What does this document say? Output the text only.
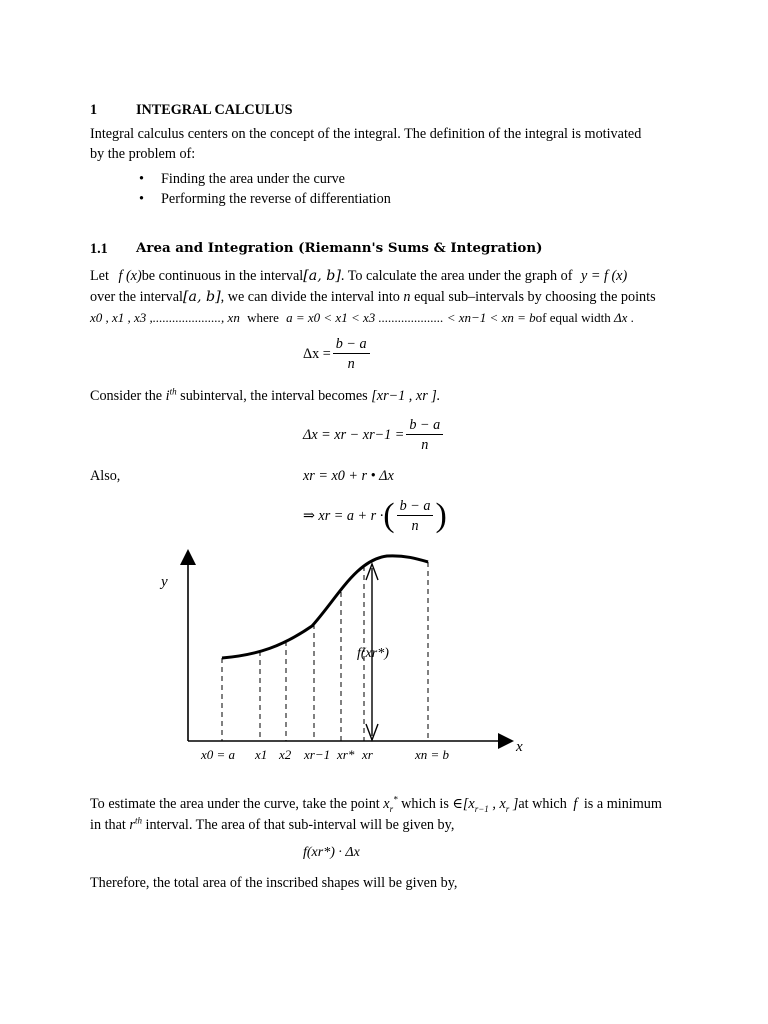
1	INTEGRAL CALCULUS
Integral calculus centers on the concept of the integral. The definition of the integral is motivated
by the problem of:
• Finding the area under the curve
• Performing the reverse of differentiation
1.1 Area and Integration (Riemann's Sums & Integration)
Let f (x)be continuous in the interval[a, b]. To calculate the area under the graph of y = f (x)
over the interval[a, b], we can divide the interval into n equal sub–intervals by choosing the points
x0 , x1 , x3 ,....................., xn where a = x0 < x1 < x3 .................... < xn−1 < xn = bof equal width Δx .
$\Delta x = \frac{b - a}{n}$
Consider the $i^{th}$ subinterval, the interval becomes [xr−1 , xr ].
Δx = xr − $xr-1 = \frac{b - a}{n}$
Also,	xr = x0 + r • Δx
⇒ xr = a + r · ( $\frac{b - a}{n}$ )
y
x
f(xr*)
x0 = a x1 x2 xr−1 xr* xr	xn = b
To estimate the area under the curve, take the point $x_r^*$ which is $\in[x_{r-1}$ , $x_r$ ]at which f is a minimum
in that $r^{th}$ interval. The area of that sub-interval will be given by,
f(xr*) · Δx
Therefore, the total area of the inscribed shapes will be given by,
